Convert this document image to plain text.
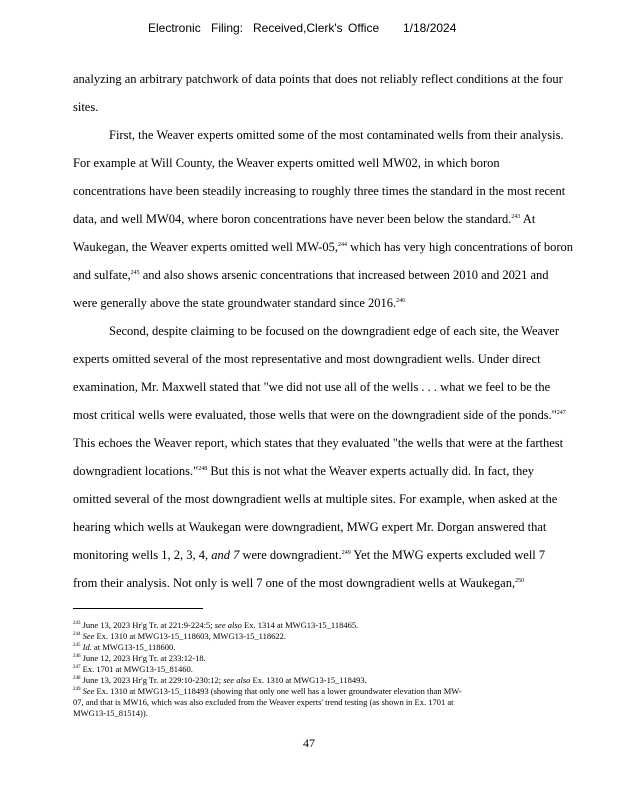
Electronic Filing: Received,Clerk's Office 1/18/2024
analyzing an arbitrary patchwork of data points that does not reliably reflect conditions at the four
sites.
First, the Weaver experts omitted some of the most contaminated wells from their analysis.
For example at Will County, the Weaver experts omitted well MW02, in which boron
concentrations have been steadily increasing to roughly three times the standard in the most recent
data, and well MW04, where boron concentrations have never been below the standard.$^{243}$ At
Waukegan, the Weaver experts omitted well MW-05,$^{244}$ which has very high concentrations of boron
and sulfate,$^{245}$ and also shows arsenic concentrations that increased between 2010 and 2021 and
were generally above the state groundwater standard since 2016.$^{246}$
Second, despite claiming to be focused on the downgradient edge of each site, the Weaver
experts omitted several of the most representative and most downgradient wells. Under direct
examination, Mr. Maxwell stated that "we did not use all of the wells . . . what we feel to be the
most critical wells were evaluated, those wells that were on the downgradient side of the ponds."$^{247}$
This echoes the Weaver report, which states that they evaluated "the wells that were at the farthest
downgradient locations."$^{248}$ But this is not what the Weaver experts actually did. In fact, they
omitted several of the most downgradient wells at multiple sites. For example, when asked at the
hearing which wells at Waukegan were downgradient, MWG expert Mr. Dorgan answered that
monitoring wells 1, 2, 3, 4, and 7 were downgradient.$^{249}$ Yet the MWG experts excluded well 7
from their analysis. Not only is well 7 one of the most downgradient wells at Waukegan,$^{250}$
$^{243}$ June 13, 2023 Hr'g Tr. at 221:9-224:5; see also Ex. 1314 at MWG13-15_118465.
$^{244}$ See Ex. 1310 at MWG13-15_118603, MWG13-15_118622.
$^{245}$ Id. at MWG13-15_118600.
$^{246}$ June 12, 2023 Hr'g Tr. at 233:12-18.
$^{247}$ Ex. 1701 at MWG13-15_81460.
$^{248}$ June 13, 2023 Hr'g Tr. at 229:10-230:12; see also Ex. 1310 at MWG13-15_118493.
$^{249}$ See Ex. 1310 at MWG13-15_118493 (showing that only one well has a lower groundwater elevation than MW-
07, and that is MW16, which was also excluded from the Weaver experts' trend testing (as shown in Ex. 1701 at
MWG13-15_81514)).
47
